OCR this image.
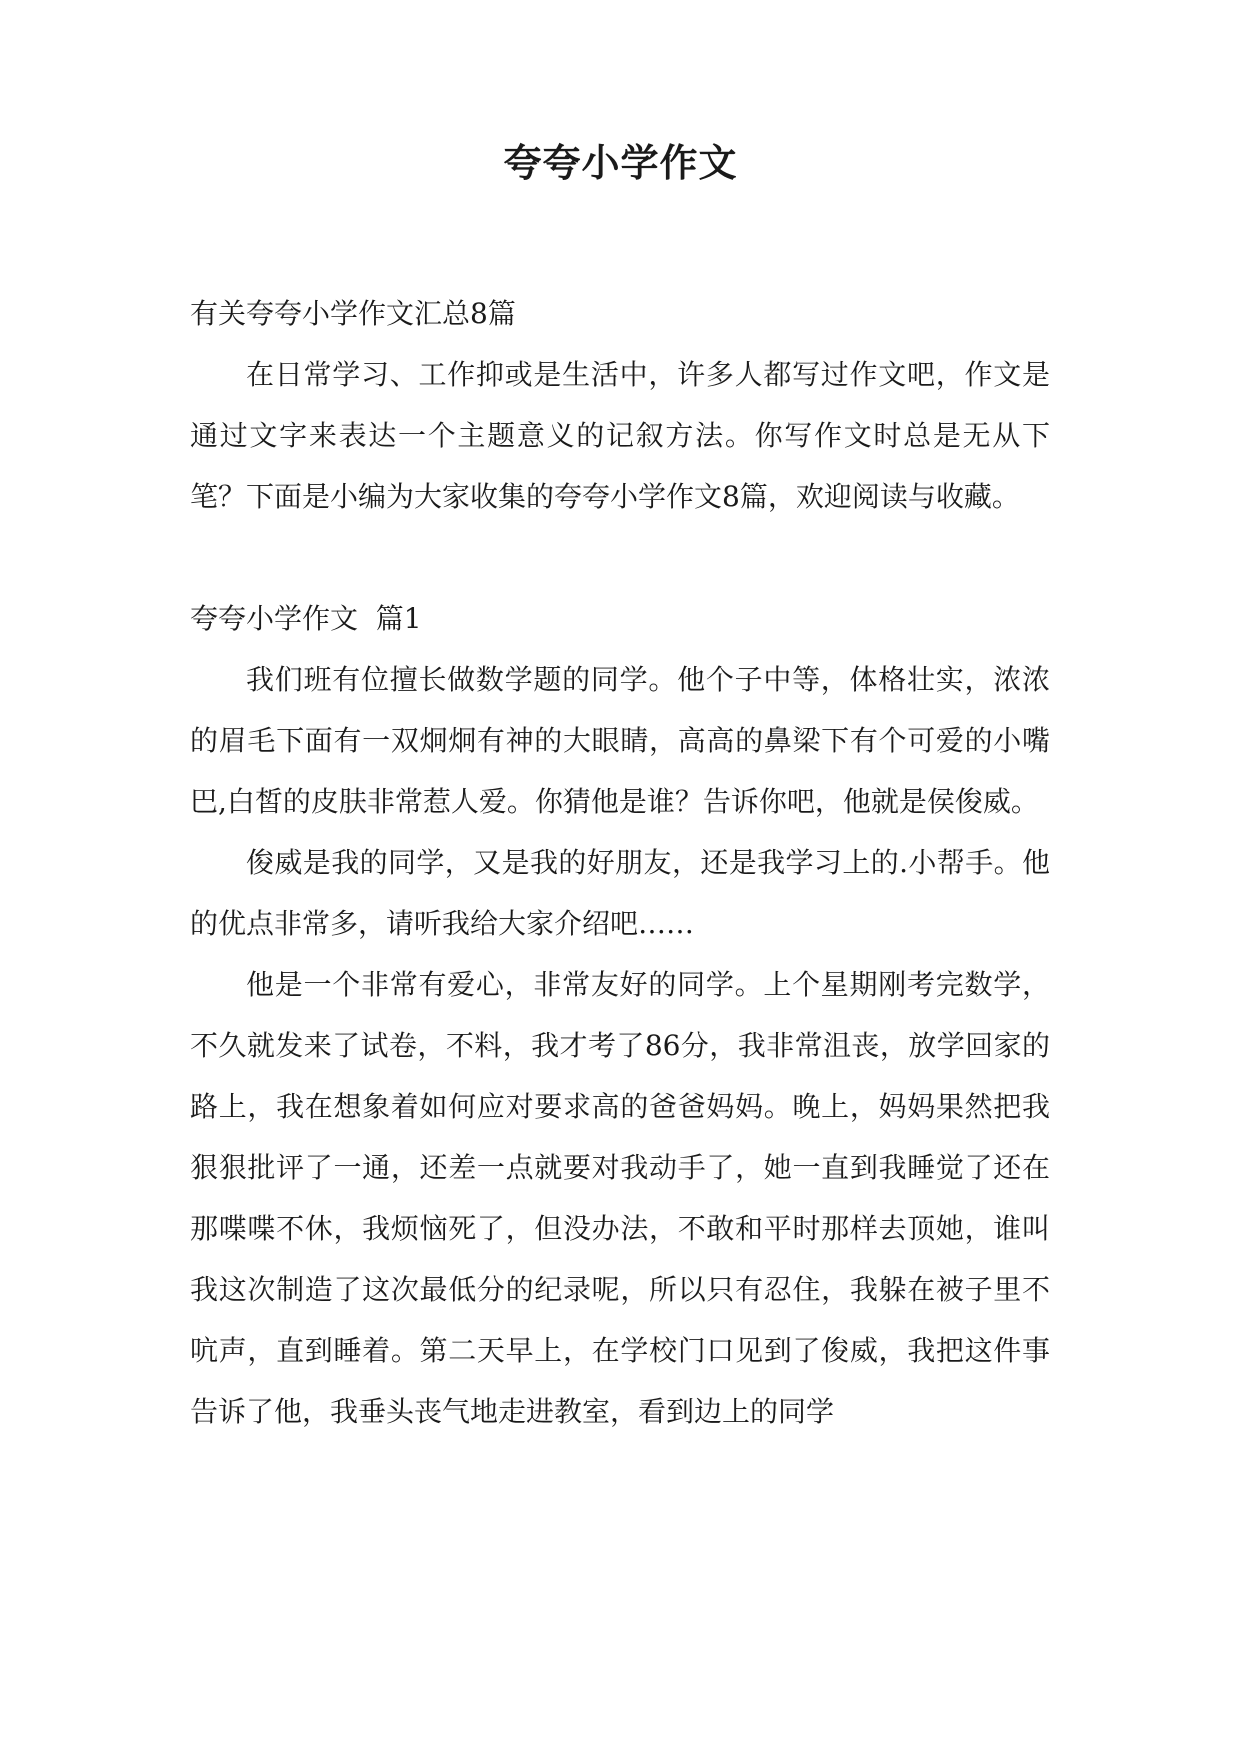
夸夸小学作文

有关夸夸小学作文汇总8篇

在日常学习、工作抑或是生活中，许多人都写过作文吧，作文是通过文字来表达一个主题意义的记叙方法。你写作文时总是无从下笔？下面是小编为大家收集的夸夸小学作文8篇，欢迎阅读与收藏。

夸夸小学作文  篇1

我们班有位擅长做数学题的同学。他个子中等，体格壮实，浓浓的眉毛下面有一双炯炯有神的大眼睛，高高的鼻梁下有个可爱的小嘴巴,白皙的皮肤非常惹人爱。你猜他是谁？告诉你吧，他就是侯俊威。

俊威是我的同学，又是我的好朋友，还是我学习上的.小帮手。他的优点非常多，请听我给大家介绍吧……

他是一个非常有爱心，非常友好的同学。上个星期刚考完数学，不久就发来了试卷，不料，我才考了86分，我非常沮丧，放学回家的路上，我在想象着如何应对要求高的爸爸妈妈。晚上，妈妈果然把我狠狠批评了一通，还差一点就要对我动手了，她一直到我睡觉了还在那喋喋不休，我烦恼死了，但没办法，不敢和平时那样去顶她，谁叫我这次制造了这次最低分的纪录呢，所以只有忍住，我躲在被子里不吭声，直到睡着。第二天早上，在学校门口见到了俊威，我把这件事告诉了他，我垂头丧气地走进教室，看到边上的同学
